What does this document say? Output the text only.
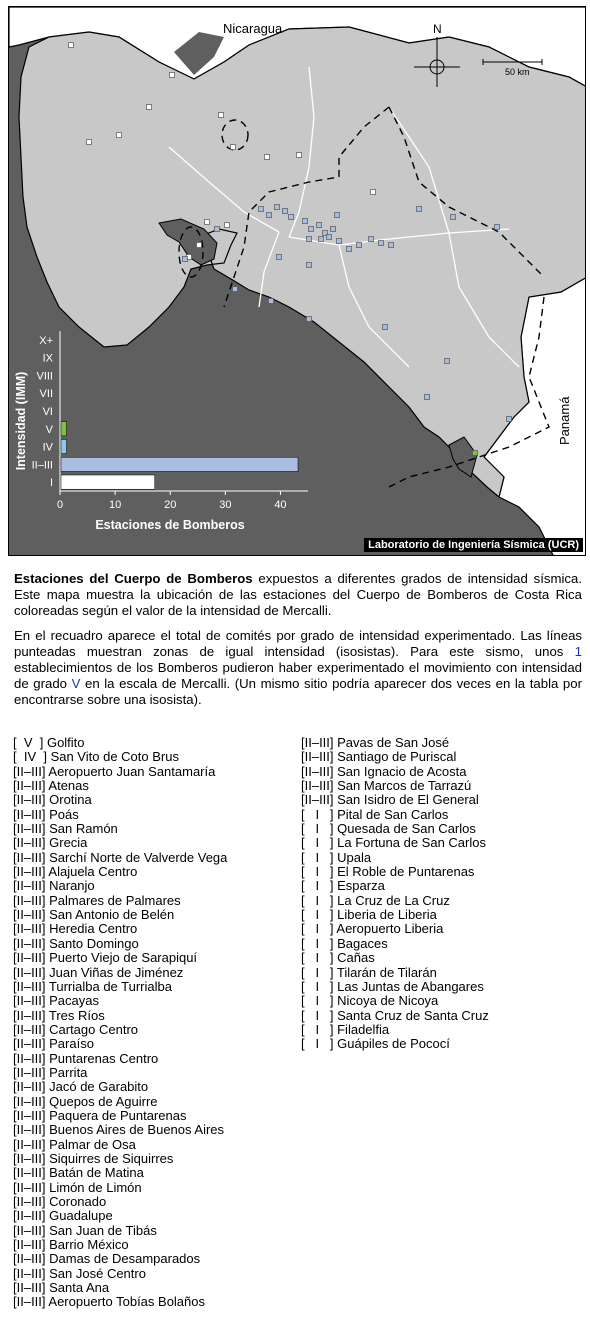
N
50 km
X+
IX
VIII
VII
VI
V
IV
II–III
I
0	10	20	30	40
Estaciones de Bomberos
Intensidad (IMM)
Nicaragua
Panamá
Laboratorio de Ingeniería Sísmica (UCR)

Estaciones del Cuerpo de Bomberos expuestos a diferentes grados de intensidad sísmica. Este mapa muestra la ubicación de las estaciones del Cuerpo de Bomberos de Costa Rica coloreadas según el valor de la intensidad de Mercalli.

En el recuadro aparece el total de comités por grado de intensidad experimentado. Las líneas punteadas muestran zonas de igual intensidad (isosistas). Para este sismo, unos 1 establecimientos de los Bomberos pudieron haber experimentado el movimiento con intensidad de grado V en la escala de Mercalli. (Un mismo sitio podría aparecer dos veces en la tabla por encontrarse sobre una isosista).

[  V  ] Golfito
[  IV  ] San Vito de Coto Brus
[II–III] Aeropuerto Juan Santamaría
[II–III] Atenas
[II–III] Orotina
[II–III] Poás
[II–III] San Ramón
[II–III] Grecia
[II–III] Sarchí Norte de Valverde Vega
[II–III] Alajuela Centro
[II–III] Naranjo
[II–III] Palmares de Palmares
[II–III] San Antonio de Belén
[II–III] Heredia Centro
[II–III] Santo Domingo
[II–III] Puerto Viejo de Sarapiquí
[II–III] Juan Viñas de Jiménez
[II–III] Turrialba de Turrialba
[II–III] Pacayas
[II–III] Tres Ríos
[II–III] Cartago Centro
[II–III] Paraíso
[II–III] Puntarenas Centro
[II–III] Parrita
[II–III] Jacó de Garabito
[II–III] Quepos de Aguirre
[II–III] Paquera de Puntarenas
[II–III] Buenos Aires de Buenos Aires
[II–III] Palmar de Osa
[II–III] Siquirres de Siquirres
[II–III] Batán de Matina
[II–III] Limón de Limón
[II–III] Coronado
[II–III] Guadalupe
[II–III] San Juan de Tibás
[II–III] Barrio México
[II–III] Damas de Desamparados
[II–III] San José Centro
[II–III] Santa Ana
[II–III] Aeropuerto Tobías Bolaños
[II–III] Pavas de San José
[II–III] Santiago de Puriscal
[II–III] San Ignacio de Acosta
[II–III] San Marcos de Tarrazú
[II–III] San Isidro de El General
[   I   ] Pital de San Carlos
[   I   ] Quesada de San Carlos
[   I   ] La Fortuna de San Carlos
[   I   ] Upala
[   I   ] El Roble de Puntarenas
[   I   ] Esparza
[   I   ] La Cruz de La Cruz
[   I   ] Liberia de Liberia
[   I   ] Aeropuerto Liberia
[   I   ] Bagaces
[   I   ] Cañas
[   I   ] Tilarán de Tilarán
[   I   ] Las Juntas de Abangares
[   I   ] Nicoya de Nicoya
[   I   ] Santa Cruz de Santa Cruz
[   I   ] Filadelfia
[   I   ] Guápiles de Pococí
